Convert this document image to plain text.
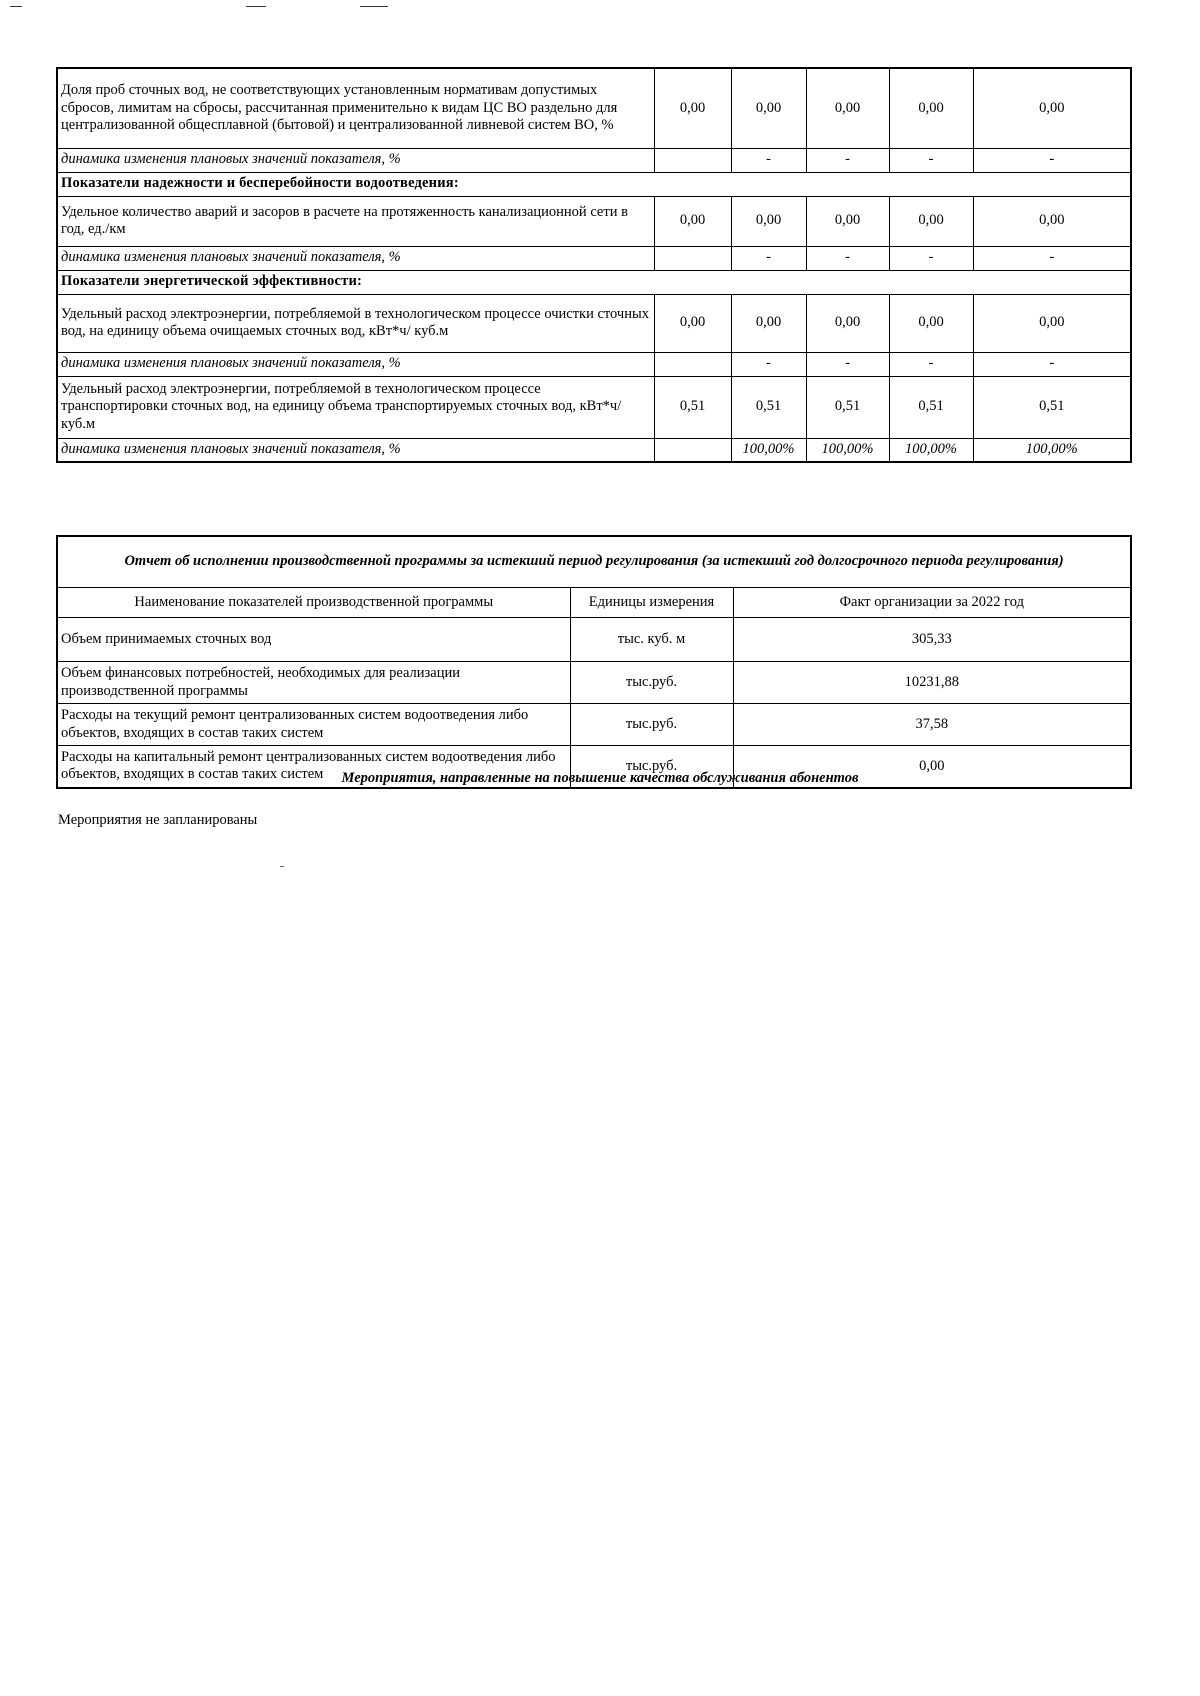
Доля проб сточных вод, не соответствующих установленным нормативам допустимых сбросов, лимитам на сбросы, рассчитанная применительно к видам ЦС ВО раздельно для централизованной общесплавной (бытовой) и централизованной ливневой систем ВО, %	0,00	0,00	0,00	0,00	0,00
динамика изменения плановых значений показателя, %		-	-	-	-
Показатели надежности и бесперебойности водоотведения:					
Удельное количество аварий и засоров в расчете на протяженность канализационной сети в год, ед./км	0,00	0,00	0,00	0,00	0,00
динамика изменения плановых значений показателя, %		-	-	-	-
Показатели энергетической эффективности:					
Удельный расход электроэнергии, потребляемой в технологическом процессе очистки сточных вод, на единицу объема очищаемых сточных вод, кВт*ч/ куб.м	0,00	0,00	0,00	0,00	0,00
динамика изменения плановых значений показателя, %		-	-	-	-
Удельный расход электроэнергии, потребляемой в технологическом процессе транспортировки сточных вод, на единицу объема транспортируемых сточных вод, кВт*ч/ куб.м	0,51	0,51	0,51	0,51	0,51
динамика изменения плановых значений показателя, %		100,00%	100,00%	100,00%	100,00%
Отчет об исполнении производственной программы за истекший период регулирования (за истекший год долгосрочного периода регулирования)		
Наименование показателей производственной программы	Единицы измерения	Факт организации за 2022 год
Объем принимаемых сточных вод	тыс. куб. м	305,33
Объем финансовых потребностей, необходимых для реализации производственной программы	тыс.руб.	10231,88
Расходы на текущий ремонт централизованных систем водоотведения либо объектов, входящих в состав таких систем	тыс.руб.	37,58
Расходы на капитальный ремонт централизованных систем водоотведения либо объектов, входящих в состав таких систем	тыс.руб.	0,00
Мероприятия, направленные на повышение качества обслуживания абонентов
Мероприятия не запланированы
